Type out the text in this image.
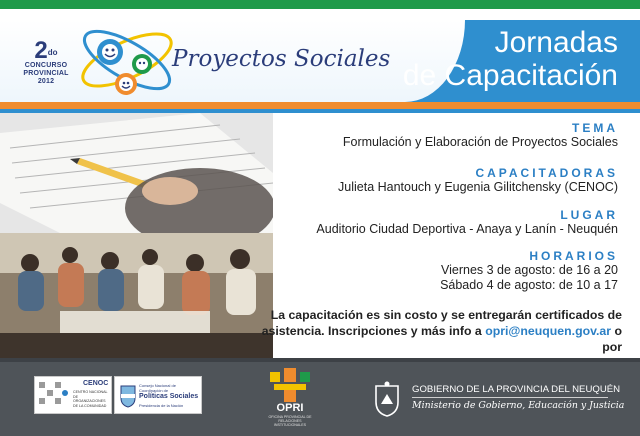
$2^{do}$
CONCURSO
PROVINCIAL
2012
Proyectos Sociales	Jornadas
de Capacitación
TEMA
Formulación y Elaboración de Proyectos Sociales
CAPACITADORAS
Julieta Hantouch y Eugenia Gilitchensky (CENOC)
LUGAR
Auditorio Ciudad Deportiva - Anaya y Lanín - Neuquén
HORARIOS
Viernes 3 de agosto: de 16 a 20
Sábado 4 de agosto: de 10 a 17
La capacitación es sin costo y se entregarán certificados de
asistencia. Inscripciones y más info a opri@neuquen.gov.ar o por
CENOC
CENTRO NACIONAL DE ORGANIZACIONES DE LA COMUNIDAD
Consejo Nacional de Coordinación de
Políticas Sociales
Presidencia de la Nación	OPRI
OFICINA PROVINCIAL DE RELACIONES INSTITUCIONALES
GOBIERNO DE LA PROVINCIA DEL NEUQUÉN
Ministerio de Gobierno, Educación y Justicia
